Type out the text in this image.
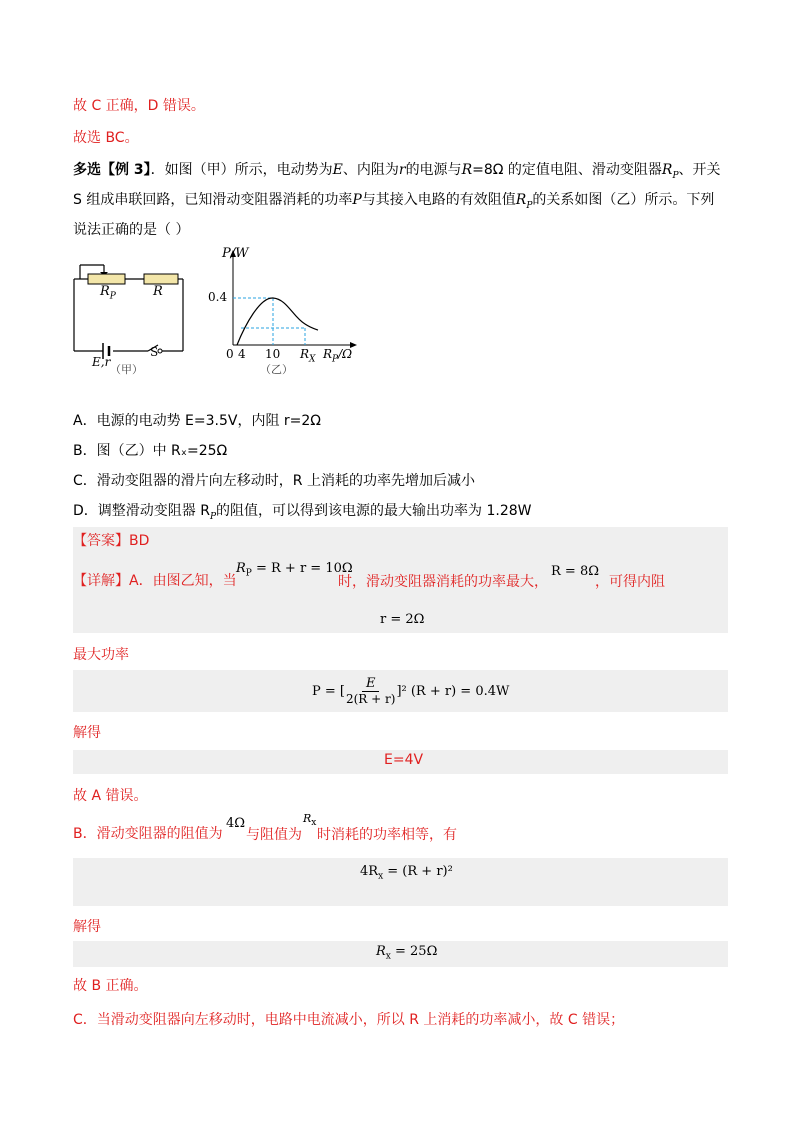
故 C 正确，D 错误。
故选 BC。
多选【例 3】．如图（甲）所示，电动势为E、内阻为r的电源与R=8Ω 的定值电阻、滑动变阻器$R_P$、开关
S 组成串联回路，已知滑动变阻器消耗的功率P与其接入电路的有效阻值$R_P$的关系如图（乙）所示。下列
说法正确的是（ ）
$R_P$	R
E,r
S
（甲）
P/W
0.4
0 4 10 $R_X$ $R_P/\Omega$
（乙）
A．电源的电动势 E=3.5V，内阻 r=2Ω
B．图（乙）中 Rₓ=25Ω
C．滑动变阻器的滑片向左移动时，R 上消耗的功率先增加后减小
D．调整滑动变阻器 $R_P$的阻值，可以得到该电源的最大输出功率为 1.28W
【答案】BD
【详解】A．由图乙知，当
$R_P = R + r = 10\Omega$
时，滑动变阻器消耗的功率最大，
R = 8Ω
，可得内阻
r = 2Ω
最大功率
P = [	E
2(R + r)
]² (R + r) = 0.4W
解得
E=4V
故 A 错误。
B．滑动变阻器的阻值为
4Ω
与阻值为
$R_x$
时消耗的功率相等，有
$4R_x = (R + r)^2$
解得
$R_x = 25\Omega$
故 B 正确。
C．当滑动变阻器向左移动时，电路中电流减小，所以 R 上消耗的功率减小，故 C 错误；
